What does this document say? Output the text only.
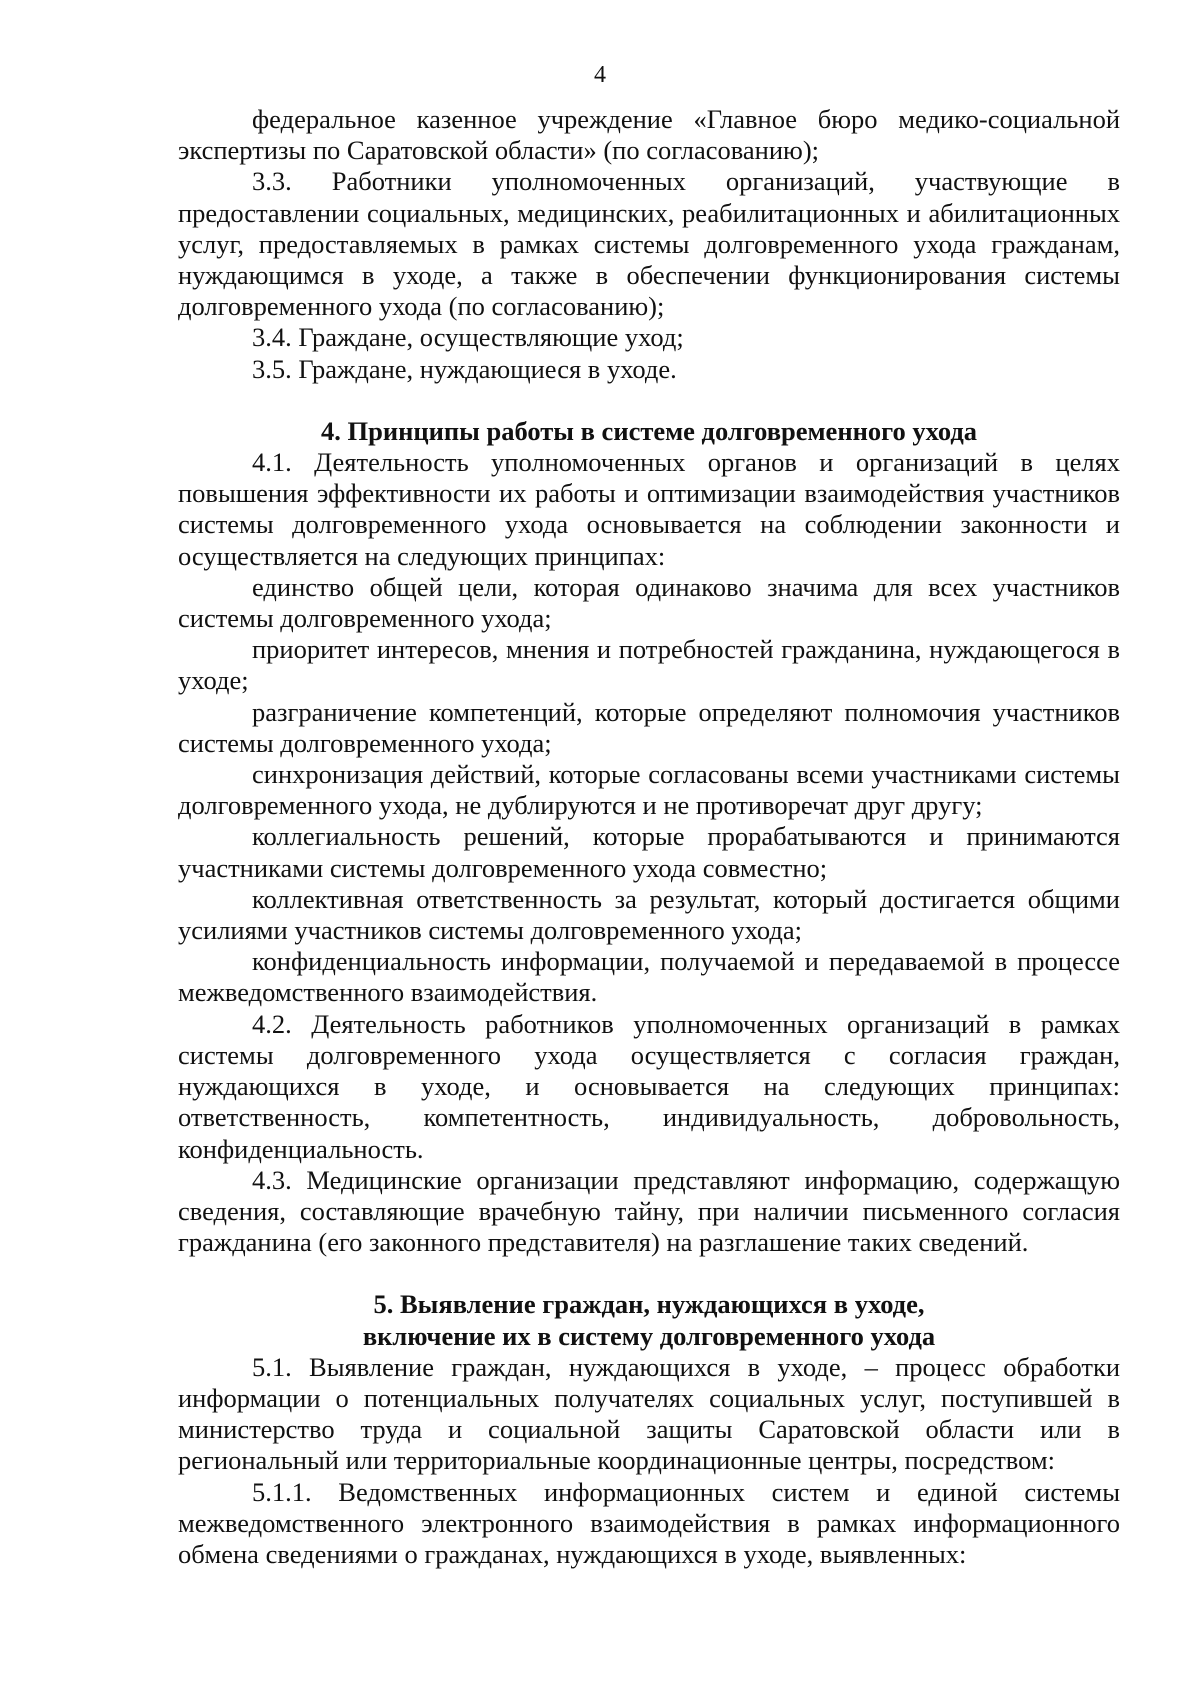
4

федеральное казенное учреждение «Главное бюро медико-социальной экспертизы по Саратовской области» (по согласованию);

3.3. Работники уполномоченных организаций, участвующие в предоставлении социальных, медицинских, реабилитационных и абилитационных услуг, предоставляемых в рамках системы долговременного ухода гражданам, нуждающимся в уходе, а также в обеспечении функционирования системы долговременного ухода (по согласованию);

3.4. Граждане, осуществляющие уход;

3.5. Граждане, нуждающиеся в уходе.

4. Принципы работы в системе долговременного ухода

4.1. Деятельность уполномоченных органов и организаций в целях повышения эффективности их работы и оптимизации взаимодействия участников системы долговременного ухода основывается на соблюдении законности и осуществляется на следующих принципах:

единство общей цели, которая одинаково значима для всех участников системы долговременного ухода;

приоритет интересов, мнения и потребностей гражданина, нуждающегося в уходе;

разграничение компетенций, которые определяют полномочия участников системы долговременного ухода;

синхронизация действий, которые согласованы всеми участниками системы долговременного ухода, не дублируются и не противоречат друг другу;

коллегиальность решений, которые прорабатываются и принимаются участниками системы долговременного ухода совместно;

коллективная ответственность за результат, который достигается общими усилиями участников системы долговременного ухода;

конфиденциальность информации, получаемой и передаваемой в процессе межведомственного взаимодействия.

4.2. Деятельность работников уполномоченных организаций в рамках системы долговременного ухода осуществляется с согласия граждан, нуждающихся в уходе, и основывается на следующих принципах: ответственность, компетентность, индивидуальность, добровольность, конфиденциальность.

4.3. Медицинские организации представляют информацию, содержащую сведения, составляющие врачебную тайну, при наличии письменного согласия гражданина (его законного представителя) на разглашение таких сведений.

5. Выявление граждан, нуждающихся в уходе,

включение их в систему долговременного ухода

5.1. Выявление граждан, нуждающихся в уходе, – процесс обработки информации о потенциальных получателях социальных услуг, поступившей в министерство труда и социальной защиты Саратовской области или в региональный или территориальные координационные центры, посредством:

5.1.1. Ведомственных информационных систем и единой системы межведомственного электронного взаимодействия в рамках информационного обмена сведениями о гражданах, нуждающихся в уходе, выявленных:
